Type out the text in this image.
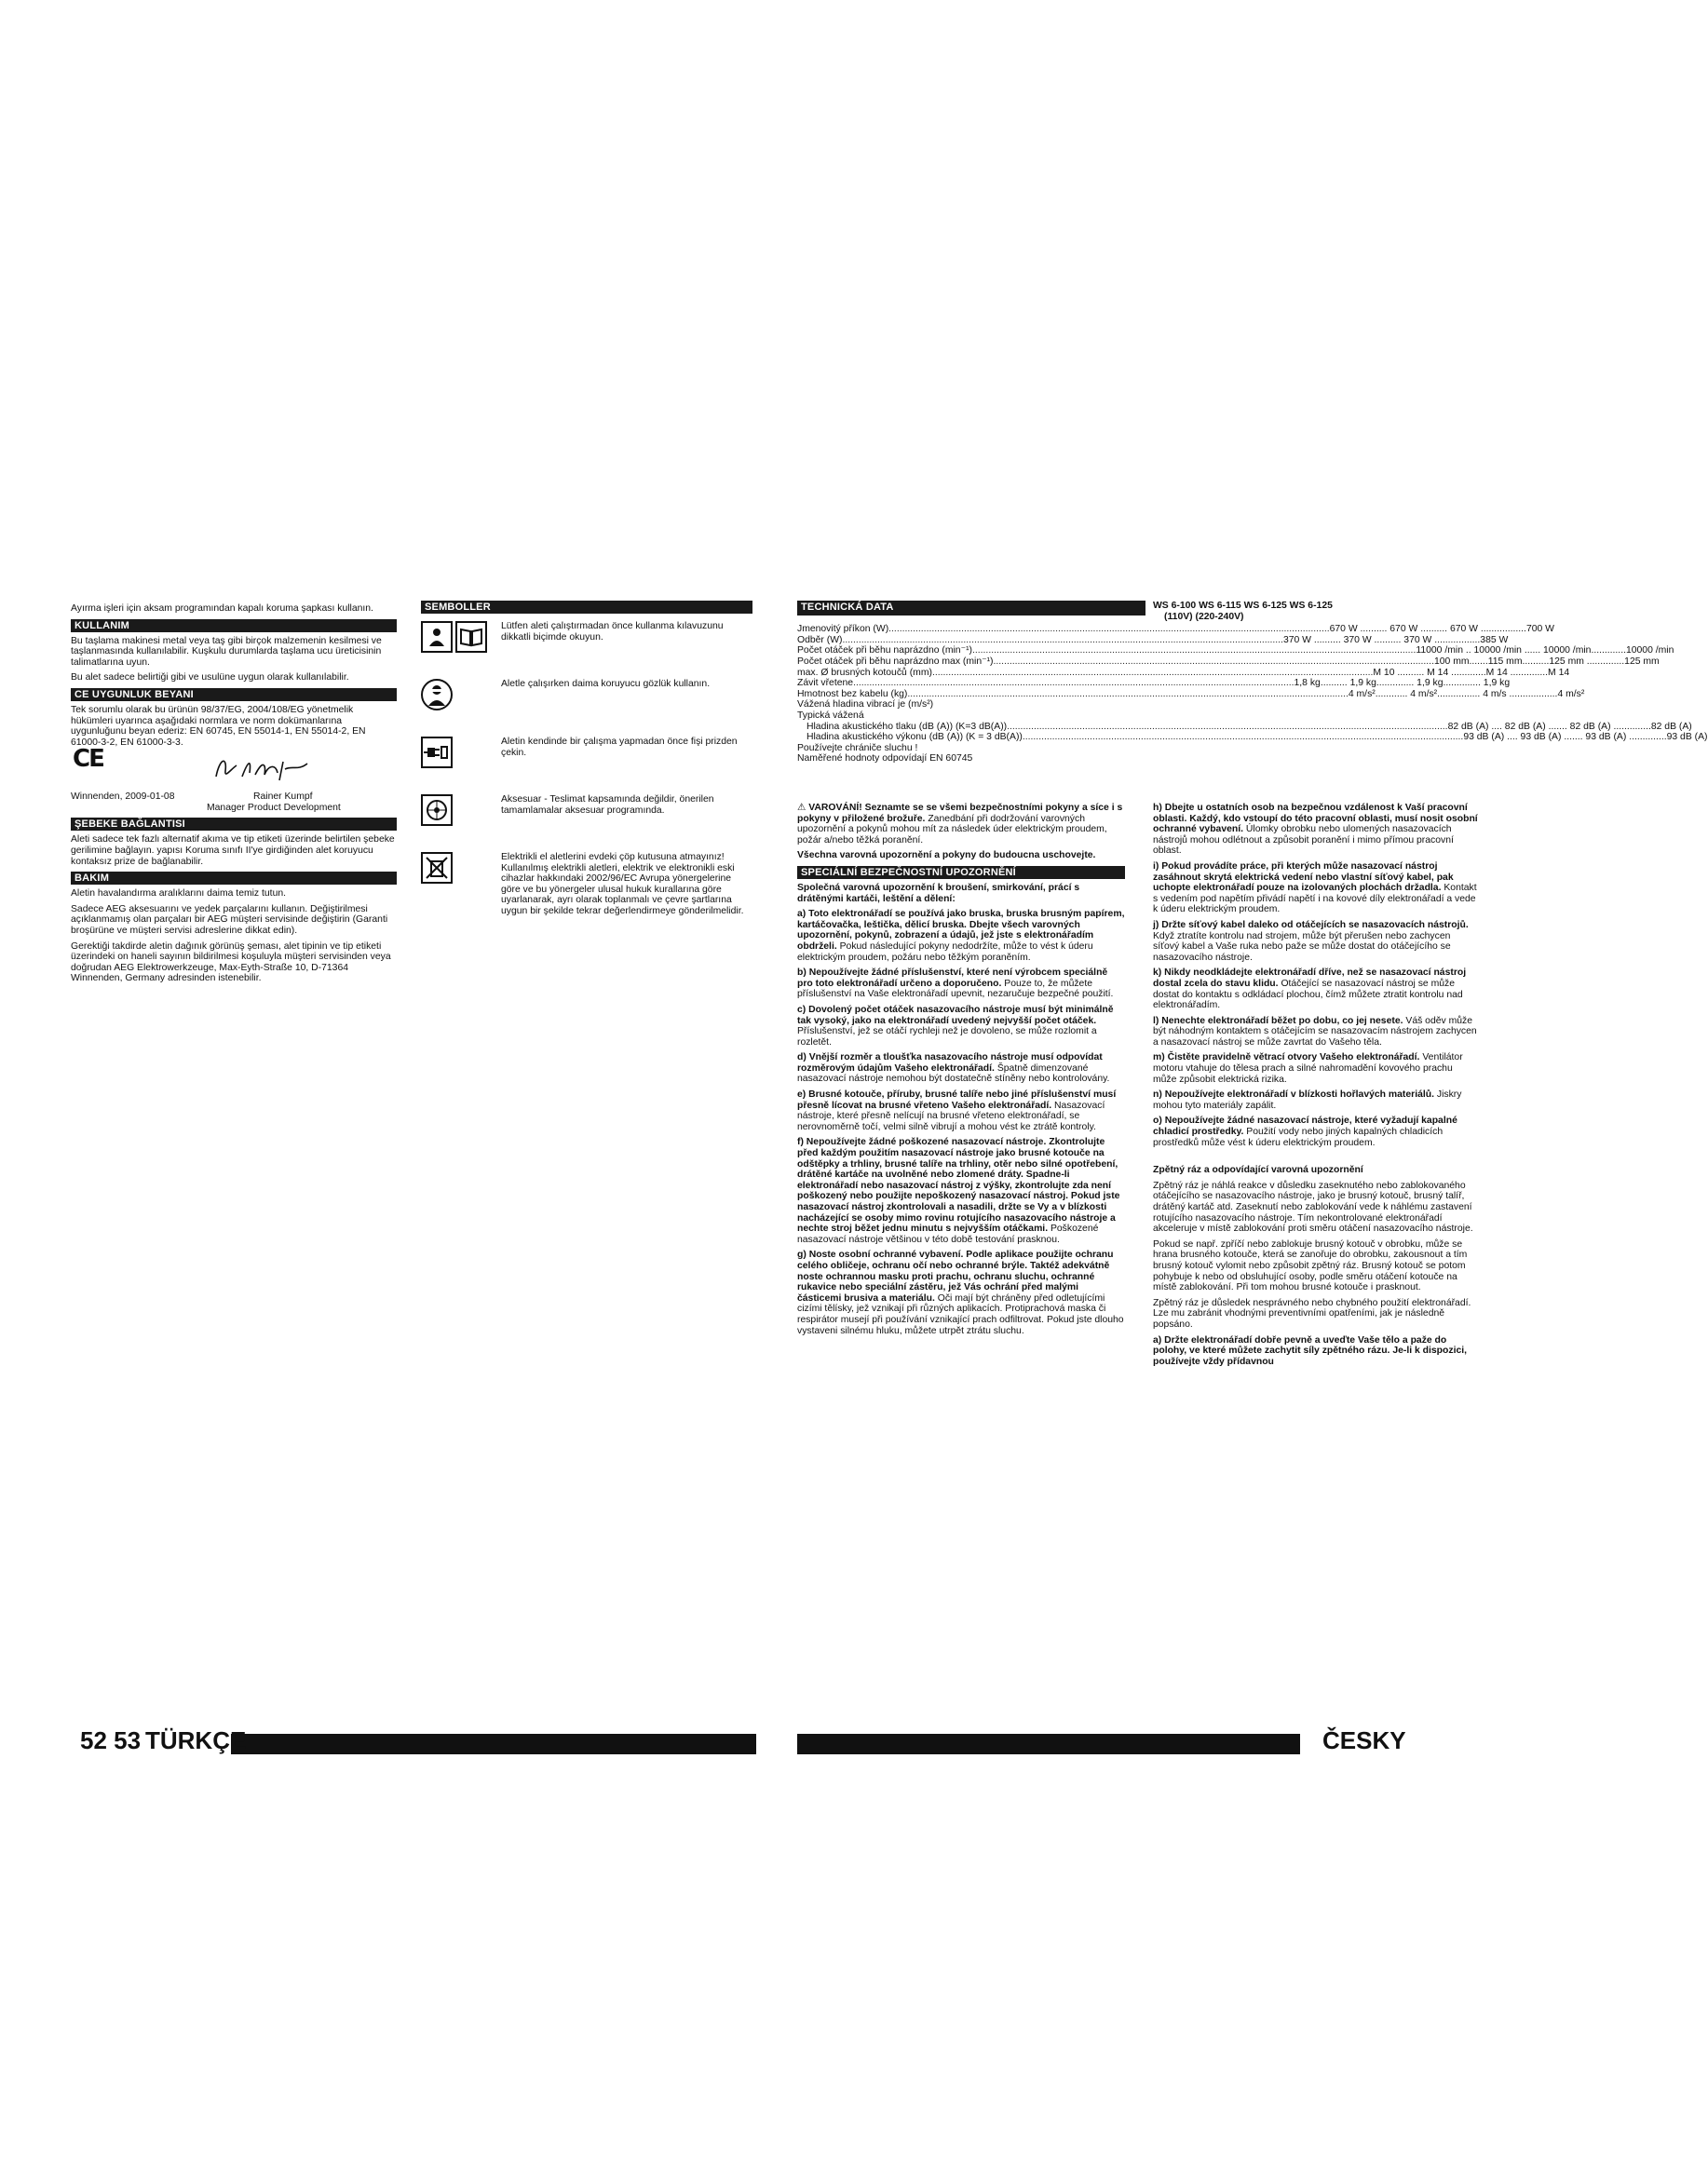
Ayırma işleri için aksam programından kapalı koruma şapkası kullanın.

KULLANIM

Bu taşlama makinesi metal veya taş gibi birçok malzemenin kesilmesi ve taşlanmasında kullanılabilir. Kuşkulu durumlarda taşlama ucu üreticisinin talimatlarına uyun.

Bu alet sadece belirtiği gibi ve usulüne uygun olarak kullanılabilir.

CE UYGUNLUK BEYANI

Tek sorumlu olarak bu ürünün 98/37/EG, 2004/108/EG yönetmelik hükümleri uyarınca aşağıdaki normlara ve norm dokümanlarına uygunluğunu beyan ederiz: EN 60745, EN 55014-1, EN 55014-2, EN 61000-3-2, EN 61000-3-3.

CE
Winnenden, 2009-01-08	Rainer Kumpf
Manager Product Development
ŞEBEKE BAĞLANTISI

Aleti sadece tek fazlı alternatif akıma ve tip etiketi üzerinde belirtilen şebeke gerilimine bağlayın. yapısı Koruma sınıfı II'ye girdiğinden alet koruyucu kontaksız prize de bağlanabilir.

BAKIM

Aletin havalandırma aralıklarını daima temiz tutun.

Sadece AEG aksesuarını ve yedek parçalarını kullanın. Değiştirilmesi açıklanmamış olan parçaları bir AEG müşteri servisinde değiştirin (Garanti broşürüne ve müşteri servisi adreslerine dikkat edin).

Gerektiği takdirde aletin dağınık görünüş şeması, alet tipinin ve tip etiketi üzerindeki on haneli sayının bildirilmesi koşuluyla müşteri servisinden veya doğrudan AEG Elektrowerkzeuge, Max-Eyth-Straße 10, D-71364 Winnenden, Germany adresinden istenebilir.

SEMBOLLER
Lütfen aleti çalıştırmadan önce kullanma kılavuzunu dikkatli biçimde okuyun.
Aletle çalışırken daima koruyucu gözlük kullanın.
Aletin kendinde bir çalışma yapmadan önce fişi prizden çekin.
Aksesuar - Teslimat kapsamında değildir, önerilen tamamlamalar aksesuar programında.
Elektrikli el aletlerini evdeki çöp kutusuna atmayınız! Kullanılmış elektrikli aletleri, elektrik ve elektronikli eski cihazlar hakkındaki 2002/96/EC Avrupa yönergelerine göre ve bu yönergeler ulusal hukuk kurallarına göre uyarlanarak, ayrı olarak toplanmalı ve çevre şartlarına uygun bir şekilde tekrar değerlendirmeye gönderilmelidir.
52 53 TÜRKÇE
TECHNICKÁ DATA	WS 6-100 WS 6-115 WS 6-125 WS 6-125
(110V) (220-240V)
Jmenovitý příkon (W) .................................................................................................................................................................... 670 W .......... 670 W .......... 670 W .................700 W
Odběr (W) .................................................................................................................................................................... 370 W .......... 370 W .......... 370 W .................385 W
Počet otáček při běhu naprázdno (min⁻¹) .................................................................................................................................................................... .11000 /min .. 10000 /min ...... 10000 /min.............10000 /min
Počet otáček při běhu naprázdno max (min⁻¹) .................................................................................................................................................................... 100 mm.......115 mm..........125 mm ..............125 mm
max. Ø brusných kotoučů (mm) .................................................................................................................................................................... M 10 .......... M 14 .............M 14 ..............M 14
Závit vřetene .................................................................................................................................................................... 1,8 kg.......... 1,9 kg.............. 1,9 kg.............. 1,9 kg
Hmotnost bez kabelu (kg) .................................................................................................................................................................... 4 m/s²............ 4 m/s²................ 4 m/s ..................4 m/s²
Vážená hladina vibrací je (m/s²)
Typická vážená
Hladina akustického tlaku (dB (A)) (K=3 dB(A)) .................................................................................................................................................................... 82 dB (A) .... 82 dB (A) ....... 82 dB (A) ..............82 dB (A)
Hladina akustického výkonu (dB (A)) (K = 3 dB(A)) .................................................................................................................................................................... 93 dB (A) .... 93 dB (A) ....... 93 dB (A) ..............93 dB (A)
Používejte chrániče sluchu !
Naměřené hodnoty odpovídají EN 60745

⚠ VAROVÁNÍ! Seznamte se se všemi bezpečnostními pokyny a síce i s pokyny v přiložené brožuře. Zanedbání při dodržování varovných upozornění a pokynů mohou mít za následek úder elektrickým proudem, požár a/nebo těžká poranění.

Všechna varovná upozornění a pokyny do budoucna uschovejte.

SPECIÁLNÍ BEZPEČNOSTNÍ UPOZORNĚNÍ

Společná varovná upozornění k broušení, smirkování, prácí s drátěnými kartáči, leštění a dělení:

a) Toto elektronářadí se používá jako bruska, bruska brusným papírem, kartáčovačka, leštička, dělicí bruska. Dbejte všech varovných upozornění, pokynů, zobrazení a údajů, jež jste s elektronářadím obdrželi. Pokud následující pokyny nedodržíte, může to vést k úderu elektrickým proudem, požáru nebo těžkým poraněním.

b) Nepoužívejte žádné příslušenství, které není výrobcem speciálně pro toto elektronářadí určeno a doporučeno. Pouze to, že můžete příslušenství na Vaše elektronářadí upevnit, nezaručuje bezpečné použití.

c) Dovolený počet otáček nasazovacího nástroje musí být minimálně tak vysoký, jako na elektronářadí uvedený nejvyšší počet otáček. Příslušenství, jež se otáčí rychleji než je dovoleno, se může rozlomit a rozletět.

d) Vnější rozměr a tloušťka nasazovacího nástroje musí odpovídat rozměrovým údajům Vašeho elektronářadí. Špatně dimenzované nasazovací nástroje nemohou být dostatečně stíněny nebo kontrolovány.

e) Brusné kotouče, příruby, brusné talíře nebo jiné příslušenství musí přesně lícovat na brusné vřeteno Vašeho elektronářadí. Nasazovací nástroje, které přesně nelícují na brusné vřeteno elektronářadí, se nerovnoměrně točí, velmi silně vibrují a mohou vést ke ztrátě kontroly.

f) Nepoužívejte žádné poškozené nasazovací nástroje. Zkontrolujte před každým použitím nasazovací nástroje jako brusné kotouče na odštěpky a trhliny, brusné talíře na trhliny, otěr nebo silné opotřebení, drátěné kartáče na uvolněné nebo zlomené dráty. Spadne-li elektronářadí nebo nasazovací nástroj z výšky, zkontrolujte zda není poškozený nebo použijte nepoškozený nasazovací nástroj. Pokud jste nasazovací nástroj zkontrolovali a nasadili, držte se Vy a v blízkosti nacházející se osoby mimo rovinu rotujícího nasazovacího nástroje a nechte stroj běžet jednu minutu s nejvyšším otáčkami. Poškozené nasazovací nástroje většinou v této době testování prasknou.

g) Noste osobní ochranné vybavení. Podle aplikace použijte ochranu celého obličeje, ochranu očí nebo ochranné brýle. Taktéž adekvátně noste ochrannou masku proti prachu, ochranu sluchu, ochranné rukavice nebo speciální zástěru, jež Vás ochrání před malými částicemi brusiva a materiálu. Oči mají být chráněny před odletujícími cizími tělísky, jež vznikají při různých aplikacích. Protiprachová maska či respirátor musejí při používání vznikající prach odfiltrovat. Pokud jste dlouho vystaveni silnému hluku, můžete utrpět ztrátu sluchu.

h) Dbejte u ostatních osob na bezpečnou vzdálenost k Vaší pracovní oblasti. Každý, kdo vstoupí do této pracovní oblasti, musí nosit osobní ochranné vybavení. Úlomky obrobku nebo ulomených nasazovacích nástrojů mohou odlétnout a způsobit poranění i mimo přímou pracovní oblast.

i) Pokud provádíte práce, při kterých může nasazovací nástroj zasáhnout skrytá elektrická vedení nebo vlastní síťový kabel, pak uchopte elektronářadí pouze na izolovaných plochách držadla. Kontakt s vedením pod napětím přivádí napětí i na kovové díly elektronářadí a vede k úderu elektrickým proudem.

j) Držte síťový kabel daleko od otáčejících se nasazovacích nástrojů. Když ztratíte kontrolu nad strojem, může být přerušen nebo zachycen síťový kabel a Vaše ruka nebo paže se může dostat do otáčejícího se nasazovacího nástroje.

k) Nikdy neodkládejte elektronářadí dříve, než se nasazovací nástroj dostal zcela do stavu klidu. Otáčející se nasazovací nástroj se může dostat do kontaktu s odkládací plochou, čímž můžete ztratit kontrolu nad elektronářadím.

l) Nenechte elektronářadí běžet po dobu, co jej nesete. Váš oděv může být náhodným kontaktem s otáčejícím se nasazovacím nástrojem zachycen a nasazovací nástroj se může zavrtat do Vašeho těla.

m) Čistěte pravidelně větrací otvory Vašeho elektronářadí. Ventilátor motoru vtahuje do tělesa prach a silné nahromadění kovového prachu může způsobit elektrická rizika.

n) Nepoužívejte elektronářadí v blízkosti hořlavých materiálů. Jiskry mohou tyto materiály zapálit.

o) Nepoužívejte žádné nasazovací nástroje, které vyžadují kapalné chladicí prostředky. Použití vody nebo jiných kapalných chladicích prostředků může vést k úderu elektrickým proudem.

Zpětný ráz a odpovídající varovná upozornění

Zpětný ráz je náhlá reakce v důsledku zaseknutého nebo zablokovaného otáčejícího se nasazovacího nástroje, jako je brusný kotouč, brusný talíř, drátěný kartáč atd. Zaseknutí nebo zablokování vede k náhlému zastavení rotujícího nasazovacího nástroje. Tím nekontrolované elektronářadí akceleruje v místě zablokování proti směru otáčení nasazovacího nástroje.

Pokud se např. zpříčí nebo zablokuje brusný kotouč v obrobku, může se hrana brusného kotouče, která se zanořuje do obrobku, zakousnout a tím brusný kotouč vylomit nebo způsobit zpětný ráz. Brusný kotouč se potom pohybuje k nebo od obsluhující osoby, podle směru otáčení kotouče na místě zablokování. Při tom mohou brusné kotouče i prasknout.

Zpětný ráz je důsledek nesprávného nebo chybného použití elektronářadí. Lze mu zabránit vhodnými preventivními opatřeními, jak je následně popsáno.

a) Držte elektronářadí dobře pevně a uveďte Vaše tělo a paže do polohy, ve které můžete zachytit síly zpětného rázu. Je-li k dispozici, používejte vždy přídavnou

ČESKY
